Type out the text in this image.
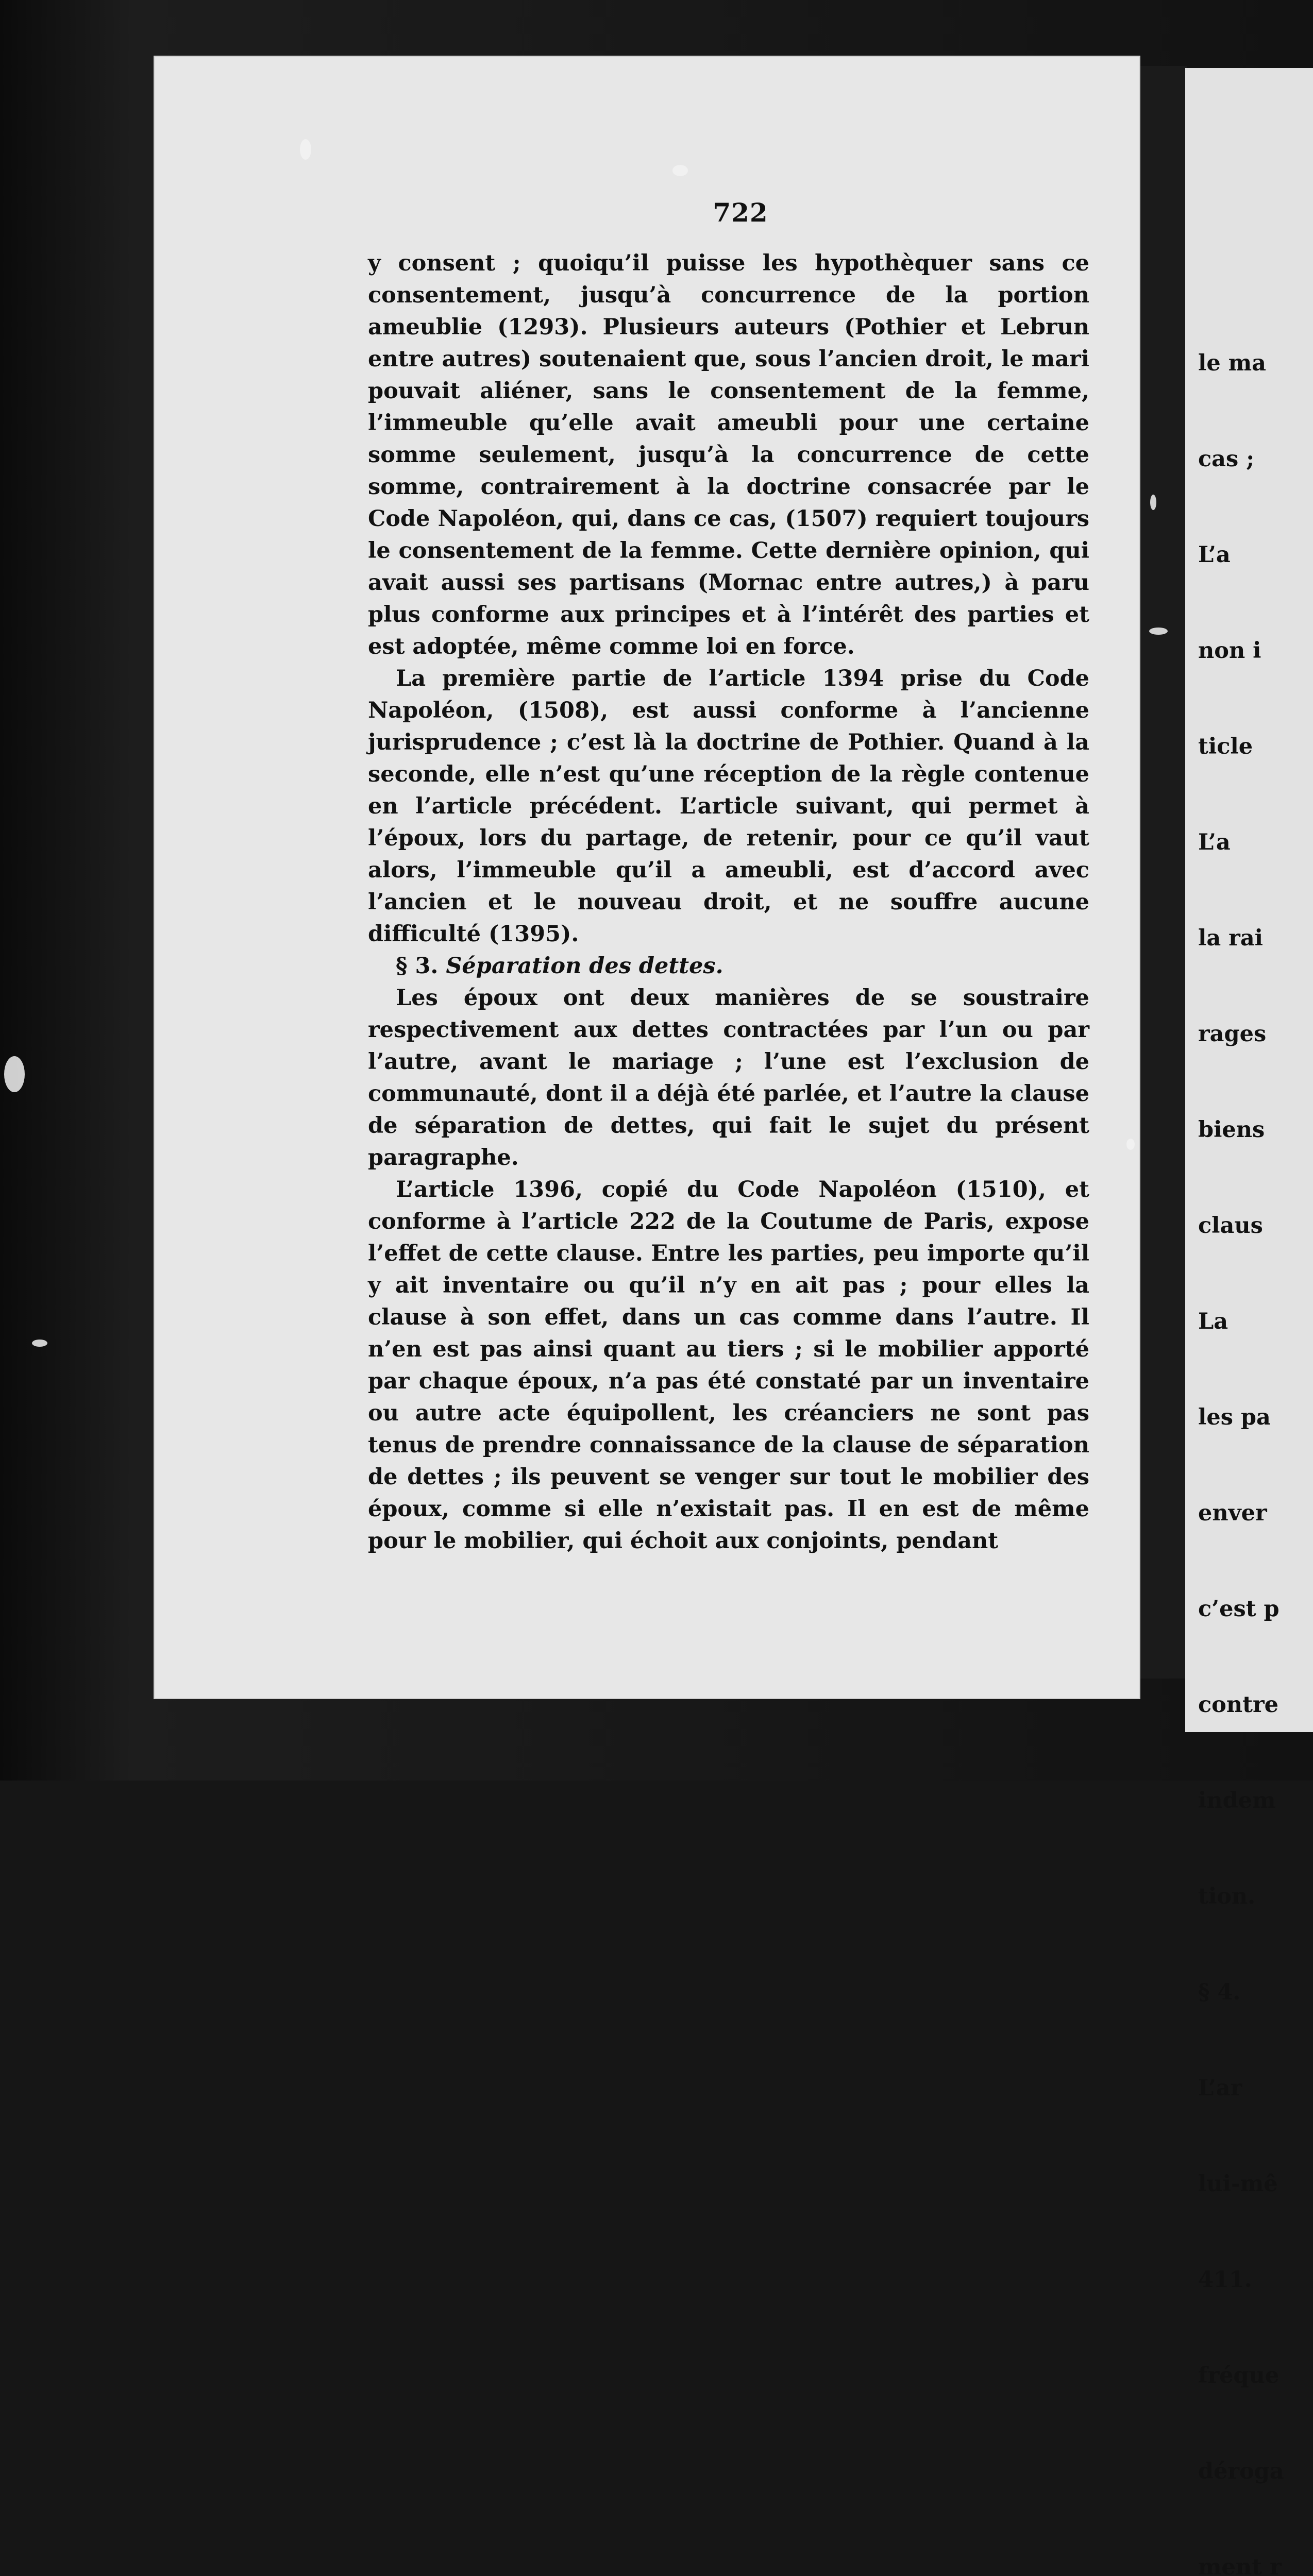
722

y consent ; quoiqu’il puisse les hypothèquer sans ce consentement, jusqu’à concurrence de la portion ameublie (1293). Plusieurs auteurs (Pothier et Lebrun entre autres) soutenaient que, sous l’ancien droit, le mari pouvait aliéner, sans le consentement de la femme, l’immeuble qu’elle avait ameubli pour une certaine somme seulement, jusqu’à la concurrence de cette somme, contrairement à la doctrine consacrée par le Code Napoléon, qui, dans ce cas, (1507) requiert toujours le consentement de la femme. Cette dernière opinion, qui avait aussi ses partisans (Mornac entre autres,) à paru plus conforme aux principes et à l’intérêt des parties et est adoptée, même comme loi en force.

La première partie de l’article 1394 prise du Code Napoléon, (1508), est aussi conforme à l’ancienne jurisprudence ; c’est là la doctrine de Pothier. Quand à la seconde, elle n’est qu’une réception de la règle contenue en l’article précédent. L’article suivant, qui permet à l’époux, lors du partage, de retenir, pour ce qu’il vaut alors, l’immeuble qu’il a ameubli, est d’accord avec l’ancien et le nouveau droit, et ne souffre aucune difficulté (1395).

§ 3. Séparation des dettes.

Les époux ont deux manières de se soustraire respectivement aux dettes contractées par l’un ou par l’autre, avant le mariage ; l’une est l’exclusion de communauté, dont il a déjà été parlée, et l’autre la clause de séparation de dettes, qui fait le sujet du présent paragraphe.

L’article 1396, copié du Code Napoléon (1510), et conforme à l’article 222 de la Coutume de Paris, expose l’effet de cette clause. Entre les parties, peu importe qu’il y ait inventaire ou qu’il n’y en ait pas ; pour elles la clause à son effet, dans un cas comme dans l’autre. Il n’en est pas ainsi quant au tiers ; si le mobilier apporté par chaque époux, n’a pas été constaté par un inventaire ou autre acte équipollent, les créanciers ne sont pas tenus de prendre connaissance de la clause de séparation de dettes ; ils peuvent se venger sur tout le mobilier des époux, comme si elle n’existait pas. Il en est de même pour le mobilier, qui échoit aux conjoints, pendant

le ma

cas ;

L’a

non i

ticle

L’a

la rai

rages

biens

claus

La

les pa

enver

c’est p

contre

indem

tion.

§ 4.

L’ar

lui-mê

411.

fréque

déroga

ment r
